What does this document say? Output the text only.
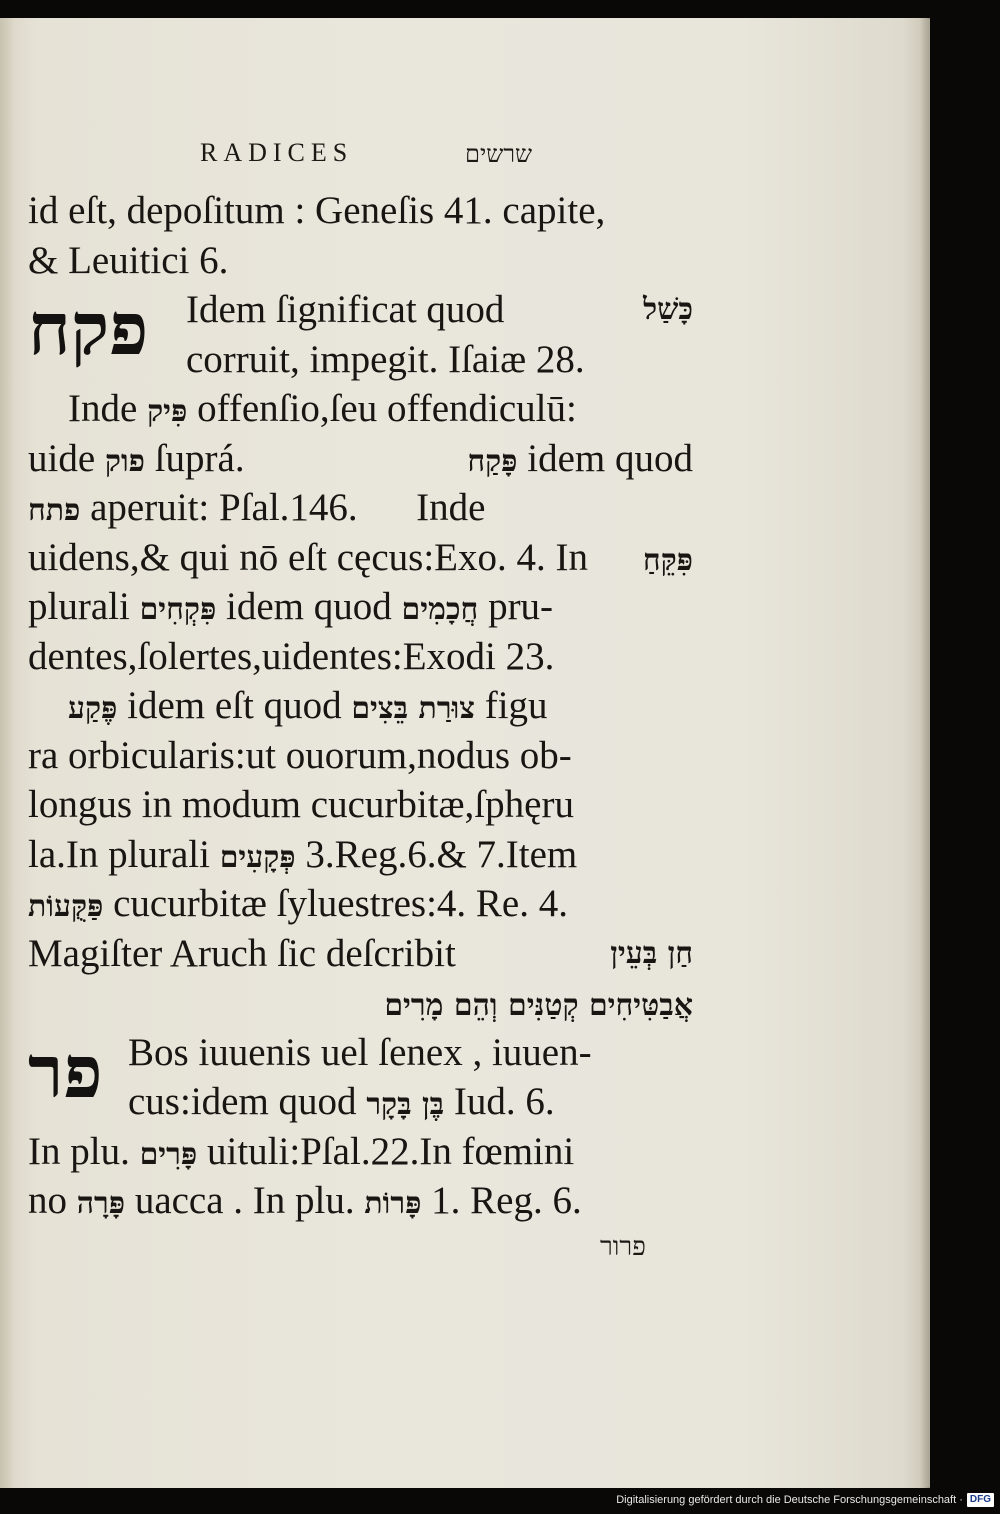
RADICES	שרשים
id eſt, depoſitum : Geneſis 41. capite,
& Leuitici 6.
פקח Idem ſignificat quod	כָּשַׁל
corruit, impegit. Iſaiæ 28.
Inde פִּיק offenſio,ſeu offendiculū:
uide פוק ſuprá.	פָּקַח idem quod
פתח aperuit: Pſal.146.      Inde
פִּקֵּחַ
uidens,& qui nō eſt cęcus:Exo. 4. In
plurali פִּקְחִים idem quod חֲכָמִים pru-
dentes,ſolertes,uidentes:Exodi 23.
פֶּקַע idem eſt quod צוּרַת בֵּצִים figu
ra orbicularis:ut ouorum,nodus ob-
longus in modum cucurbitæ,ſphęru
la.In plurali פְּקָעִים 3.Reg.6.& 7.Item
פַּקֻּעוֹת cucurbitæ ſyluestres:4. Re. 4.
Magiſter Aruch ſic deſcribit	חַן בְּעֵין
אֲבַטִּיחִים קְטַנִּים וְהֵם מָרִים
פר Bos iuuenis uel ſenex , iuuen-
cus:idem quod בֶּן בָּקָר Iud. 6.
In plu. פָּרִים uituli:Pſal.22.In fœmini
no פָּרָה uacca . In plu. פָּרוֹת 1. Reg. 6.
פרור
Digitalisierung gefördert durch die Deutsche Forschungsgemeinschaft · DFG
